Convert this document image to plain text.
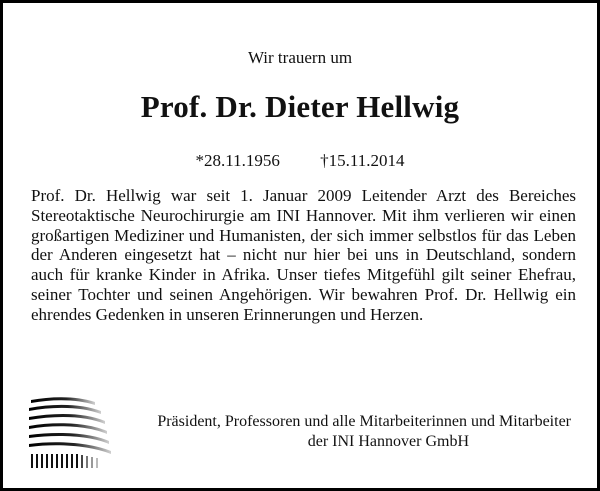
Wir trauern um
Prof. Dr. Dieter Hellwig
*28.11.1956 †15.11.2014

Prof. Dr. Hellwig war seit 1. Januar 2009 Leitender Arzt des Bereiches Stereotaktische Neurochirurgie am INI Hannover. Mit ihm verlieren wir einen großartigen Mediziner und Humanisten, der sich immer selbstlos für das Leben der Anderen eingesetzt hat – nicht nur hier bei uns in Deutschland, sondern auch für kranke Kinder in Afrika. Unser tiefes Mitgefühl gilt seiner Ehefrau, seiner Tochter und seinen Angehörigen. Wir bewahren Prof. Dr. Hellwig ein ehrendes Gedenken in unseren Erinnerungen und Herzen.

Präsident, Professoren und alle Mitarbeiterinnen und Mitarbeiter
der INI Hannover GmbH
